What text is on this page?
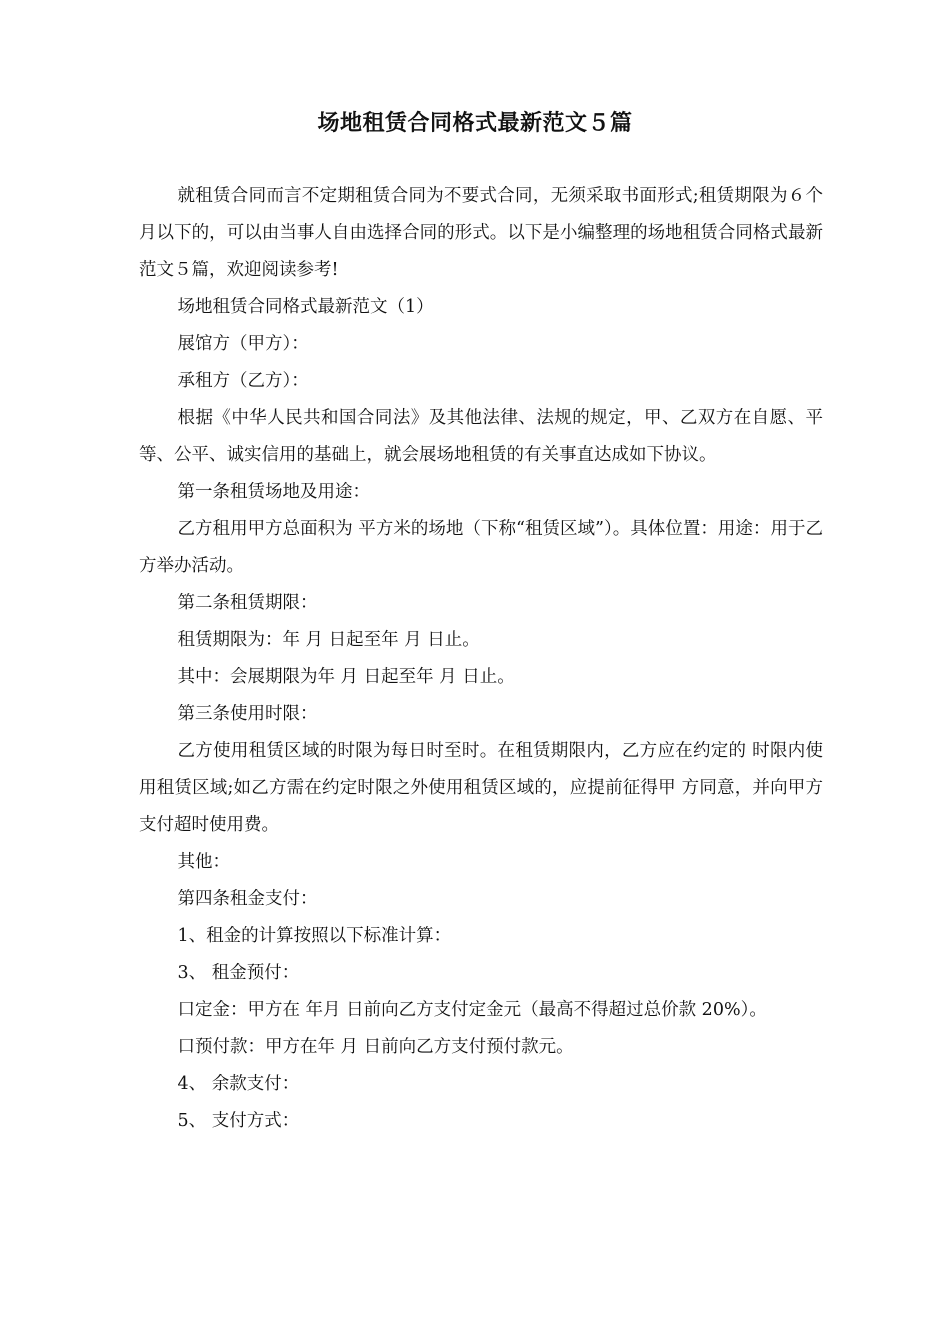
场地租赁合同格式最新范文５篇

就租赁合同而言不定期租赁合同为不要式合同，无须采取书面形式;租赁期限为６个月以下的，可以由当事人自由选择合同的形式。以下是小编整理的场地租赁合同格式最新范文５篇，欢迎阅读参考!

场地租赁合同格式最新范文（1）

展馆方（甲方）：

承租方（乙方）：

根据《中华人民共和国合同法》及其他法律、法规的规定，甲、乙双方在自愿、平等、公平、诚实信用的基础上，就会展场地租赁的有关事直达成如下协议。

第一条租赁场地及用途：

乙方租用甲方总面积为 平方米的场地（下称“租赁区域”）。具体位置：用途：用于乙方举办活动。

第二条租赁期限：

租赁期限为：年 月 日起至年 月 日止。

其中：会展期限为年 月 日起至年 月 日止。

第三条使用时限：

乙方使用租赁区域的时限为每日时至时。在租赁期限内，乙方应在约定的 时限内使用租赁区域;如乙方需在约定时限之外使用租赁区域的，应提前征得甲 方同意，并向甲方支付超时使用费。

其他：

第四条租金支付：

1、租金的计算按照以下标准计算：

3、 租金预付：

口定金：甲方在 年月 日前向乙方支付定金元（最高不得超过总价款 20%）。

口预付款：甲方在年 月 日前向乙方支付预付款元。

4、 余款支付：

5、 支付方式：
